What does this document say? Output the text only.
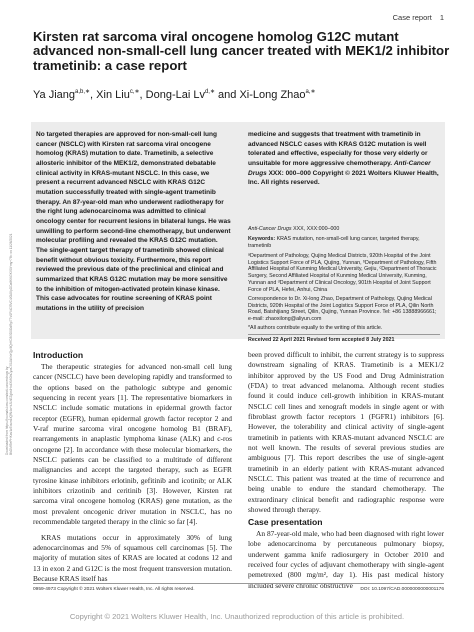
Case report 1
Kirsten rat sarcoma viral oncogene homolog G12C mutant advanced non-small-cell lung cancer treated with MEK1/2 inhibitor trametinib: a case report
Ya Jiang$^{a,b,∗}$, Xin Liu$^{c,∗}$, Dong-Lai $Lv^{d,∗}$ and Xi-Long Zhao$^{a,∗}$
Downloaded from https://journals.lww.com/anti-cancerdrugs by BhDMf5ePHKav1zEoum1tQfN4a+kJLhEZgbsIHo4XMi0hCywCX1AWnYQp/IlQrHD3i3D0OdRyi7TvSFl4Cf3VC4/OAVpDDa8KKGKV0Ymy+78= on 11/26/2021

No targeted therapies are approved for non-small-cell lung cancer (NSCLC) with Kirsten rat sarcoma viral oncogene homolog (KRAS) mutation to date. Trametinib, a selective allosteric inhibitor of the MEK1/2, demonstrated debatable clinical activity in KRAS-mutant NSCLC. In this case, we present a recurrent advanced NSCLC with KRAS G12C mutation successfully treated with single-agent trametinib therapy. An 87-year-old man who underwent radiotherapy for the right lung adenocarcinoma was admitted to clinical oncology center for recurrent lesions in bilateral lungs. He was unwilling to perform second-line chemotherapy, but underwent molecular profiling and revealed the KRAS G12C mutation. The single-agent target therapy of trametinib showed clinical benefit without obvious toxicity. Furthermore, this report reviewed the previous date of the preclinical and clinical and summarized that KRAS G12C mutation may be more sensitive to the inhibition of mitogen-activated protein kinase kinase. This case advocates for routine screening of KRAS point mutations in the utility of precision

medicine and suggests that treatment with trametinib in advanced NSCLC cases with KRAS G12C mutation is well tolerated and effective, especially for those very elderly or unsuitable for more aggressive chemotherapy. Anti-Cancer Drugs XXX: 000–000 Copyright © 2021 Wolters Kluwer Health, Inc. All rights reserved.

Anti-Cancer Drugs XXX, XXX:000–000

Keywords: KRAS mutation, non-small-cell lung cancer, targeted therapy, trametinib

ᵃDepartment of Pathology, Qujing Medical Districts, 920th Hospital of the Joint Logistics Support Force of PLA, Qujing, Yunnan, ᵇDepartment of Pathology, Fifth Affiliated Hospital of Kunming Medical University, Gejiu, ᶜDepartment of Thoracic Surgery, Second Affiliated Hospital of Kunming Medical University, Kunming, Yunnan and ᵈDepartment of Clinical Oncology, 901th Hospital of Joint Support Force of PLA, Hefei, Anhui, China

Correspondence to Dr. Xi-long Zhao, Department of Pathology, Qujing Medical Districts, 920th Hospital of the Joint Logistics Support Force of PLA, Qilin North Road, Baishijiang Street, Qilin, Qujing, Yunnan Province. Tel: +86 13888966661; e-mail: zhaoxilong@aliyun.com

*All authors contribute equally to the writing of this article.

Received 22 April 2021 Revised form accepted 8 July 2021

Introduction

The therapeutic strategies for advanced non-small cell lung cancer (NSCLC) have been developing rapidly and transformed to the options based on the pathologic subtype and genomic sequencing in recent years [1]. The representative biomarkers in NSCLC include somatic mutations in epidermal growth factor receptor (EGFR), human epidermal growth factor receptor 2 and V-raf murine sarcoma viral oncogene homolog B1 (BRAF), rearrangements in anaplastic lymphoma kinase (ALK) and c-ros oncogene [2]. In accordance with these molecular biomarkers, the NSCLC patients can be classified to a multitude of different malignancies and accept the targeted therapy, such as EGFR tyrosine kinase inhibitors erlotinib, gefitinib and icotinib; or ALK inhibitors crizotinib and ceritinib [3]. However, Kirsten rat sarcoma viral oncogene homolog (KRAS) gene mutation, as the most prevalent oncogenic driver mutation in NSCLC, has no recommendable targeted therapy in the clinic so far [4].

KRAS mutations occur in approximately 30% of lung adenocarcinomas and 5% of squamous cell carcinomas [5]. The majority of mutation sites of KRAS are located at codons 12 and 13 in exon 2 and G12C is the most frequent transversion mutation. Because KRAS itself has

been proved difficult to inhibit, the current strategy is to suppress downstream signaling of KRAS. Trametinib is a MEK1/2 inhibitor approved by the US Food and Drug Administration (FDA) to treat advanced melanoma. Although recent studies found it could induce cell-growth inhibition in KRAS-mutant NSCLC cell lines and xenograft models in single agent or with fibroblast growth factor receptors 1 (FGFR1) inhibitors [6]. However, the tolerability and clinical activity of single-agent trametinib in patients with KRAS-mutant advanced NSCLC are not well known. The results of several previous studies are ambiguous [7]. This report describes the use of single-agent trametinib in an elderly patient with KRAS-mutant advanced NSCLC. This patient was treated at the time of recurrence and being unable to endure the standard chemotherapy. The extraordinary clinical benefit and radiographic response were showed through therapy.

Case presentation

An 87-year-old male, who had been diagnosed with right lower lobe adenocarcinoma by percutaneous pulmonary biopsy, underwent gamma knife radiosurgery in October 2010 and received four cycles of adjuvant chemotherapy with single-agent pemetrexed (800 mg/m², day 1). His past medical history included severe chronic obstructive

0959-4973 Copyright © 2021 Wolters Kluwer Health, Inc. All rights reserved.	DOI: 10.1097/CAD.0000000000001176
Copyright © 2021 Wolters Kluwer Health, Inc. Unauthorized reproduction of this article is prohibited.
